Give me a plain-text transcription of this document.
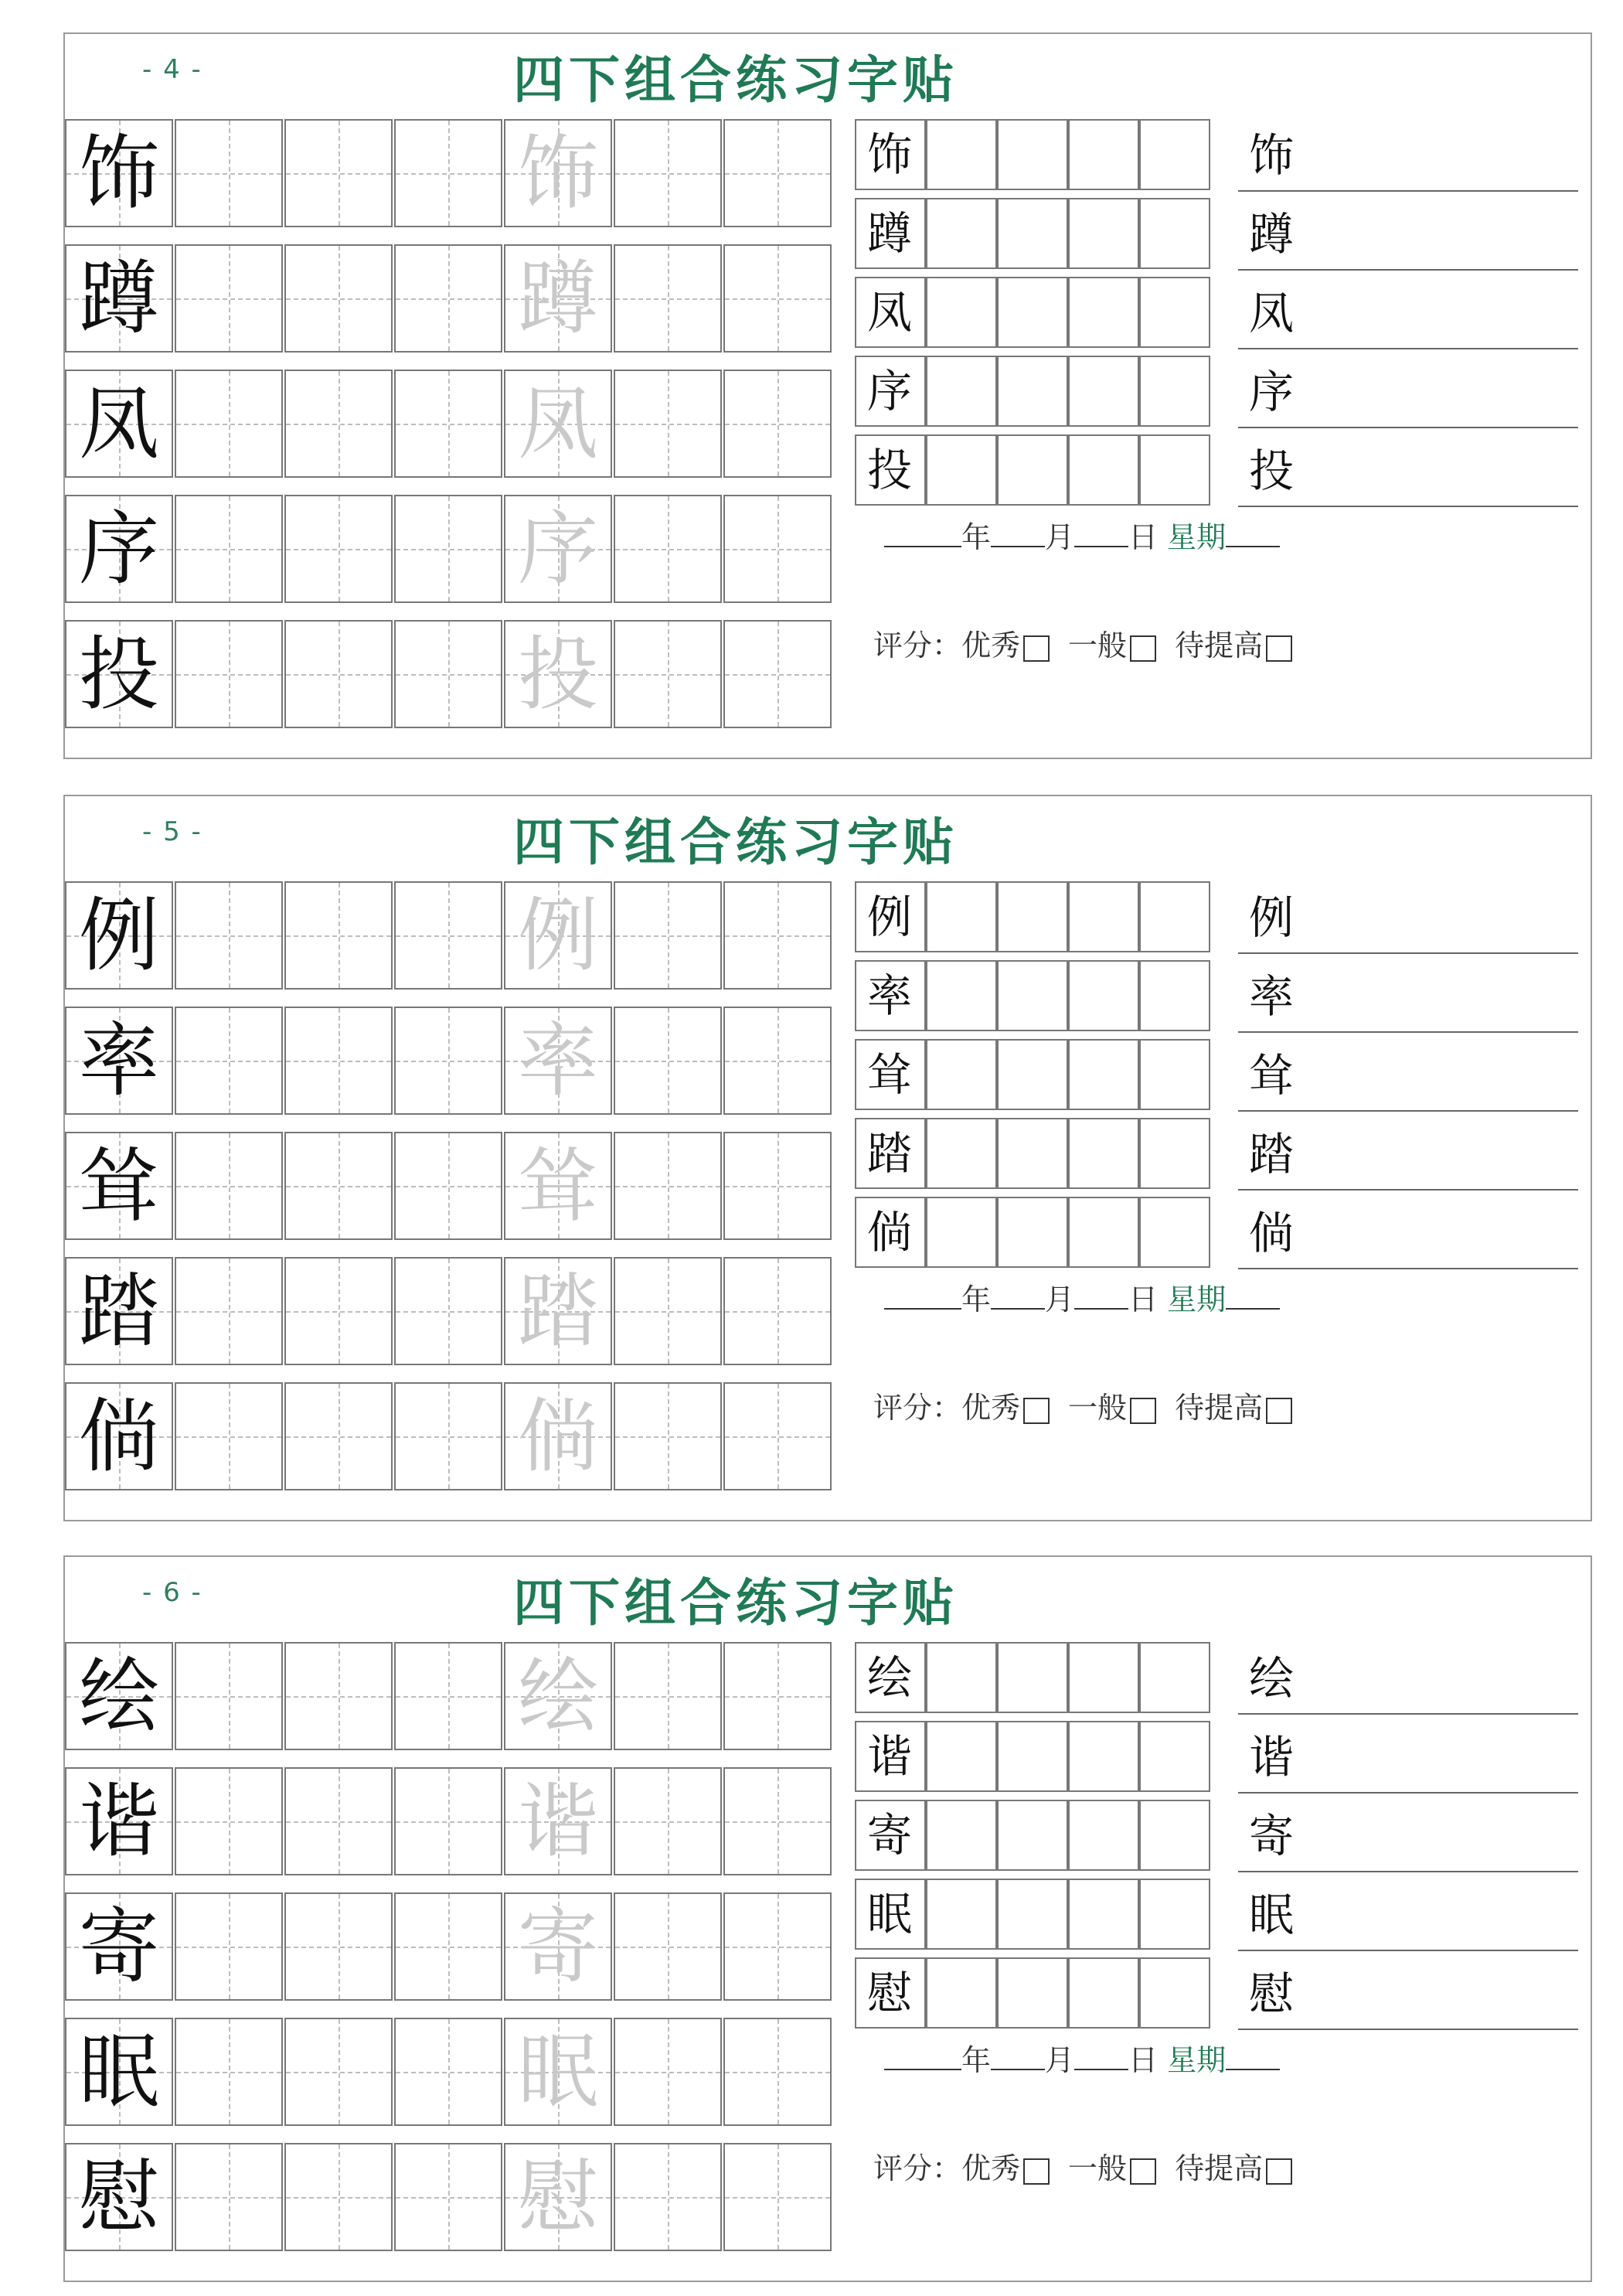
- 4 -	四下组合练习字贴
饰	饰
蹲	蹲
凤	凤
序	序
投	投
饰	饰
蹲	蹲
凤	凤
序	序
投	投
年 月 日 星期
评分：优秀 一般 待提高
- 5 -	四下组合练习字贴
例	例
率	率
耸	耸
踏	踏
倘	倘
例	例
率	率
耸	耸
踏	踏
倘	倘
年 月 日 星期
评分：优秀 一般 待提高
- 6 -	四下组合练习字贴
绘	绘
谐	谐
寄	寄
眠	眠
慰	慰
绘	绘
谐	谐
寄	寄
眠	眠
慰	慰
年 月 日 星期
评分：优秀 一般 待提高
